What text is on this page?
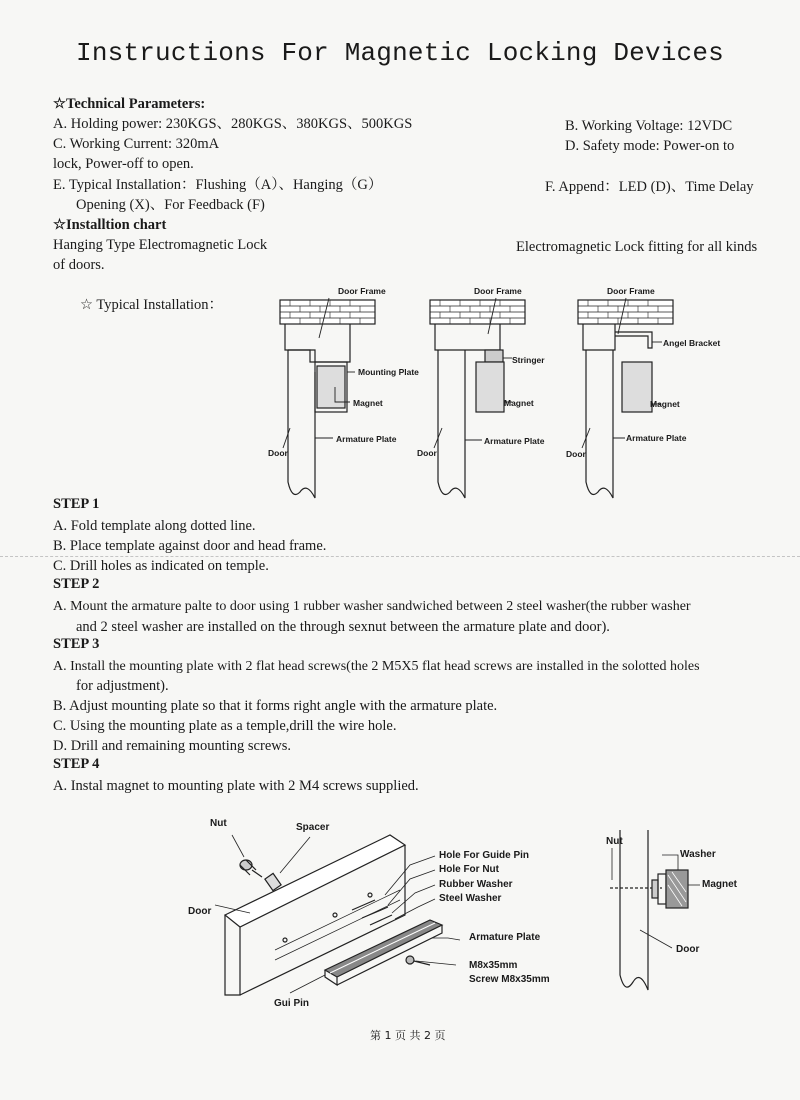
Instructions For Magnetic Locking Devices
☆Technical Parameters:
A. Holding power: 230KGS、280KGS、380KGS、500KGS	B. Working Voltage: 12VDC
C. Working Current: 320mA	D. Safety mode: Power-on to
lock, Power-off to open.
E. Typical Installation：Flushing（A）、Hanging（G）	F. Append：LED (D)、Time Delay
Opening (X)、For Feedback (F)
☆Installtion chart
Hanging Type Electromagnetic Lock	Electromagnetic Lock fitting for all kinds
of doors.
☆ Typical Installation：
Door Frame
Mounting Plate
Magnet
Armature Plate
Door
Door Frame
Stringer
Magnet
Armature Plate
Door
Door Frame
Angel Bracket
Magnet
Armature Plate
Door
STEP 1
A. Fold template along dotted line.
B. Place template against door and head frame.
C. Drill holes as indicated on temple.
STEP 2
A. Mount the armature palte to door using 1 rubber washer sandwiched between 2 steel washer(the rubber washer
and 2 steel washer are installed on the through sexnut between the armature plate and door).
STEP 3
A. Install the mounting plate with 2 flat head screws(the 2 M5X5 flat head screws are installed in the solotted holes
for adjustment).
B. Adjust mounting plate so that it forms right angle with the armature plate.
C. Using the mounting plate as a temple,drill the wire hole.
D. Drill and remaining mounting screws.
STEP 4
A. Instal magnet to mounting plate with 2 M4 screws supplied.
Nut	Spacer
Door
Hole For Guide Pin
Hole For Nut
Rubber Washer
Steel Washer
Armature Plate
M8x35mm
Screw M8x35mm
Gui Pin
Nut
Washer
Magnet
Door
第 1 页 共 2 页
